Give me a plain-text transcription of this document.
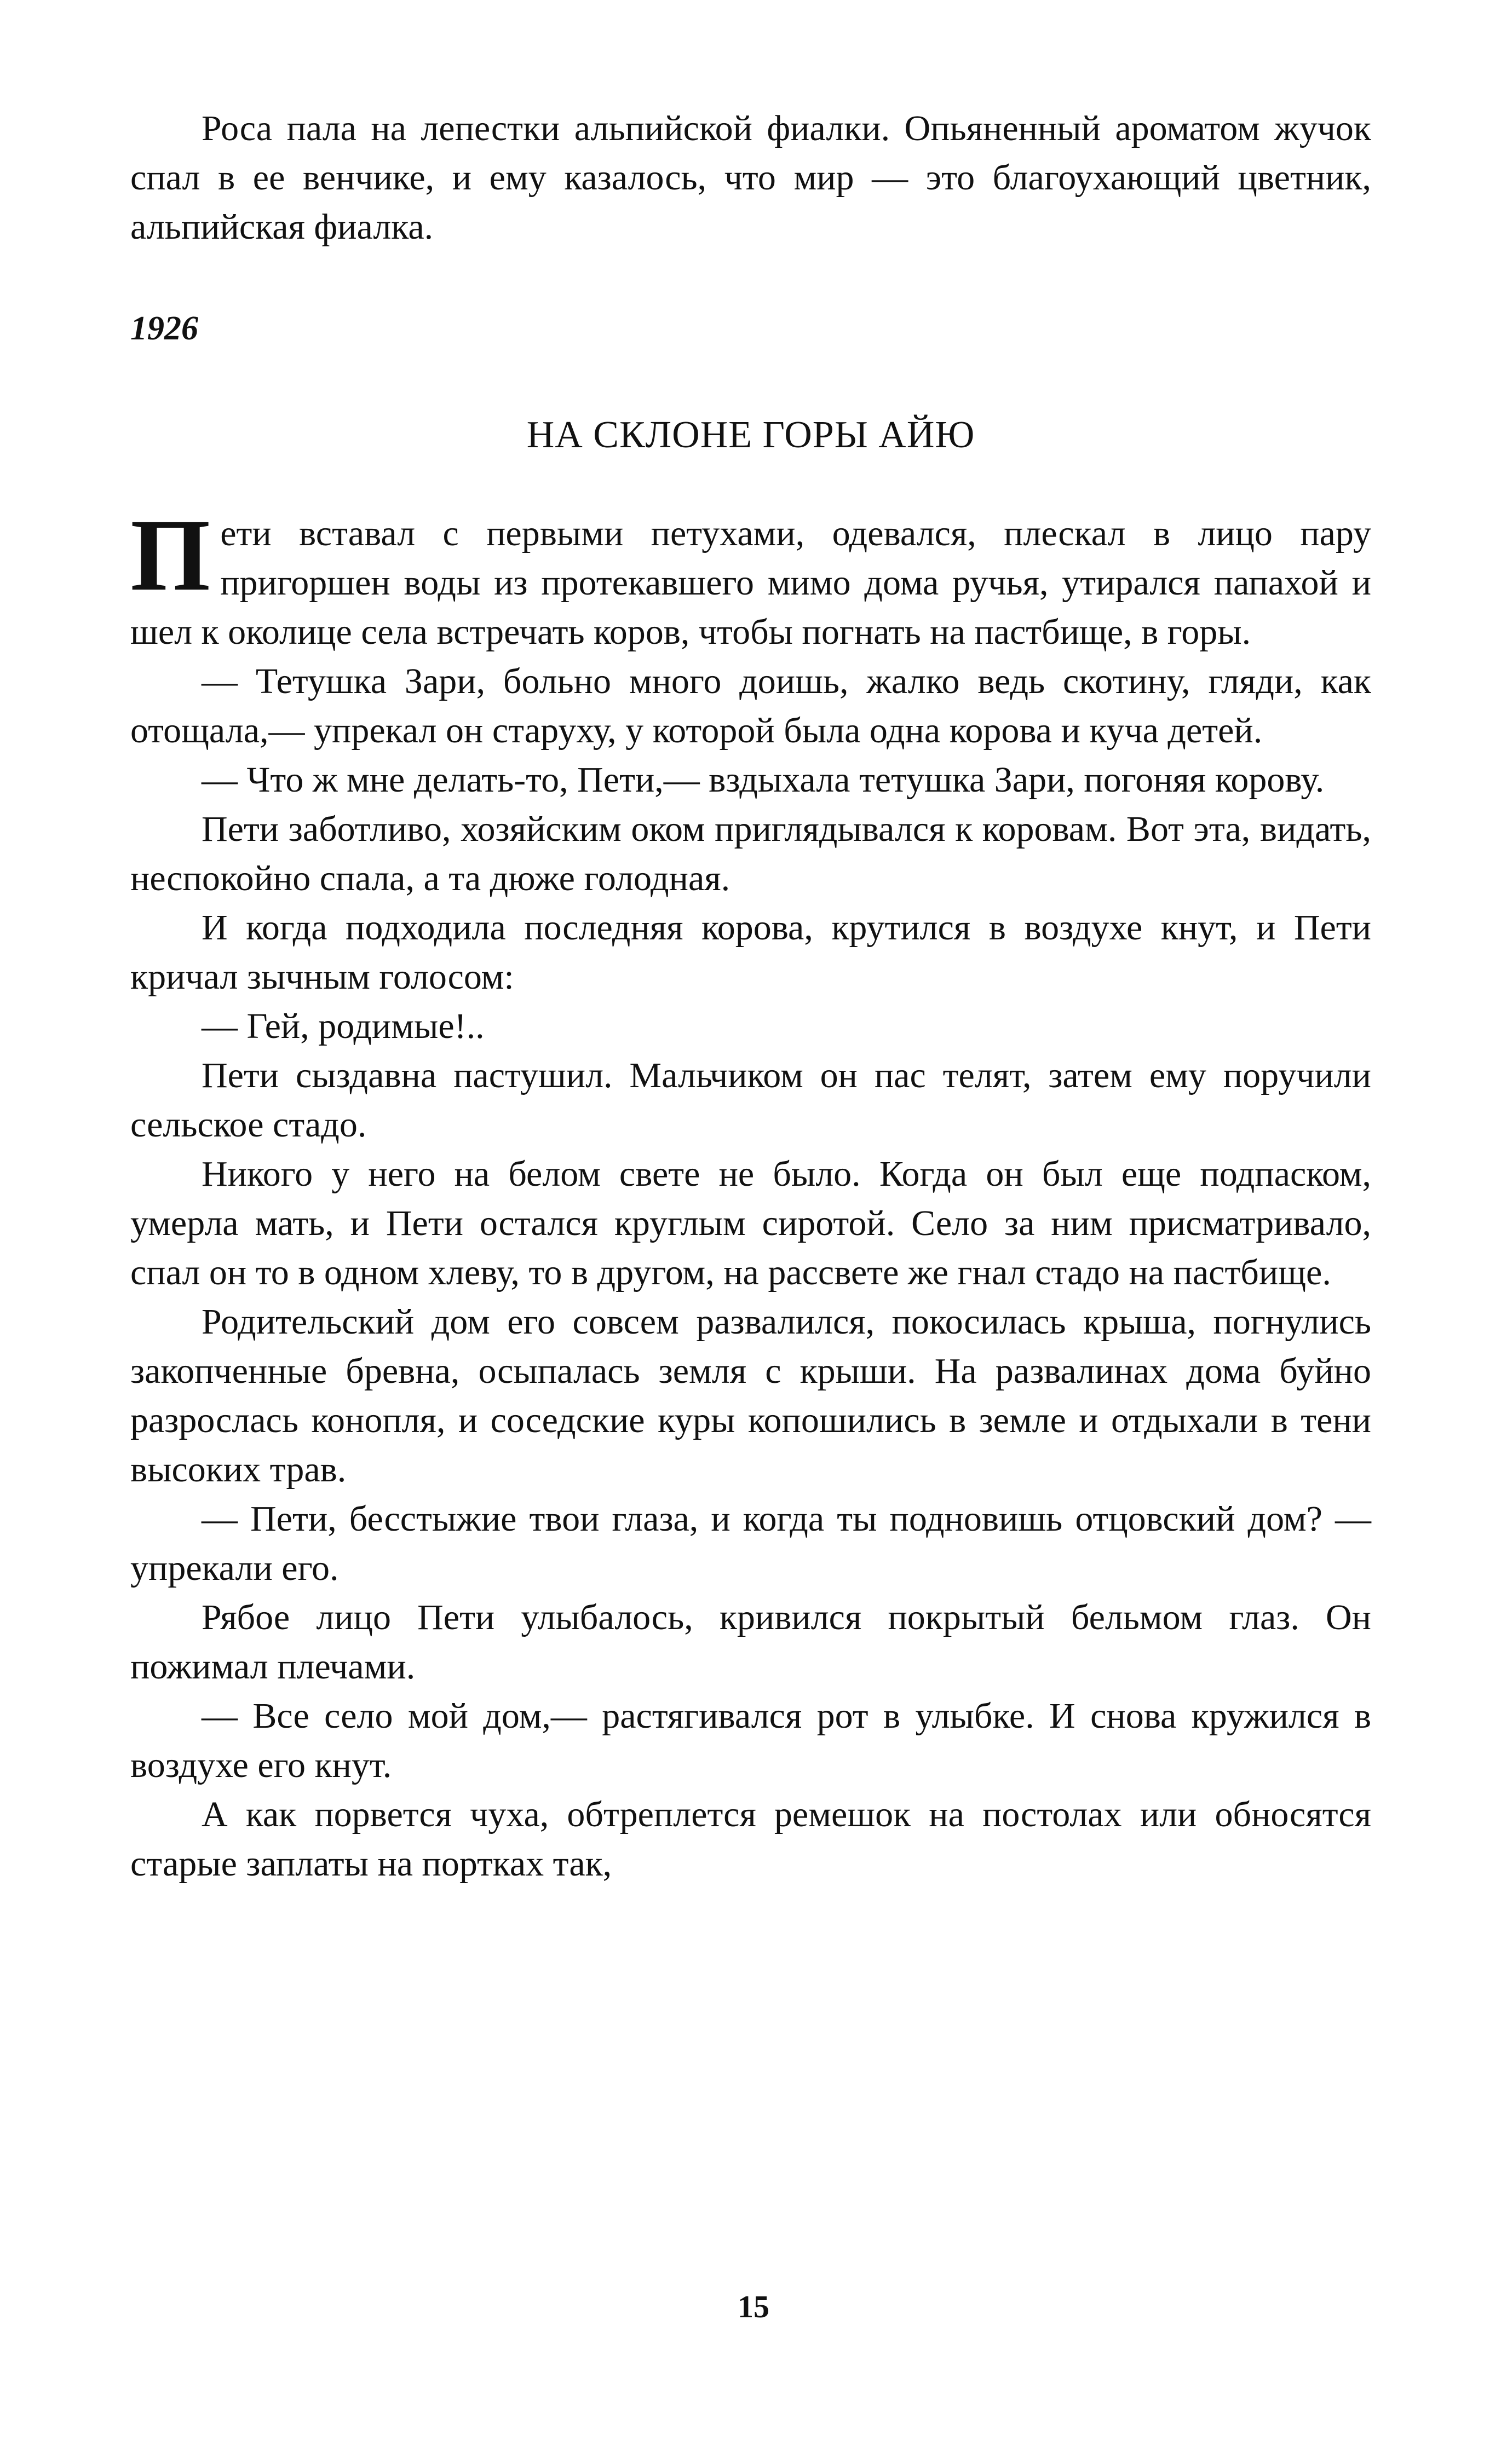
Роса пала на лепестки альпийской фиалки. Опьяненный ароматом жучок спал в ее венчике, и ему казалось, что мир — это благоухающий цветник, альпийская фиалка.

1926
НА СКЛОНЕ ГОРЫ АЙЮ

Пети вставал с первыми петухами, одевался, плескал в лицо пару пригоршен воды из протекавшего мимо дома ручья, утирался папахой и шел к околице села встречать коров, чтобы погнать на пастбище, в горы.

— Тетушка Зари, больно много доишь, жалко ведь скотину, гляди, как отощала,— упрекал он старуху, у которой была одна корова и куча детей.

— Что ж мне делать-то, Пети,— вздыхала тетушка Зари, погоняя корову.

Пети заботливо, хозяйским оком приглядывался к коровам. Вот эта, видать, неспокойно спала, а та дюже голодная.

И когда подходила последняя корова, крутился в воздухе кнут, и Пети кричал зычным голосом:

— Гей, родимые!..

Пети сыздавна пастушил. Мальчиком он пас телят, затем ему поручили сельское стадо.

Никого у него на белом свете не было. Когда он был еще подпаском, умерла мать, и Пети остался круглым сиротой. Село за ним присматривало, спал он то в одном хлеву, то в другом, на рассвете же гнал стадо на пастбище.

Родительский дом его совсем развалился, покосилась крыша, погнулись закопченные бревна, осыпалась земля с крыши. На развалинах дома буйно разрослась конопля, и соседские куры копошились в земле и отдыхали в тени высоких трав.

— Пети, бесстыжие твои глаза, и когда ты подновишь отцовский дом? — упрекали его.

Рябое лицо Пети улыбалось, кривился покрытый бельмом глаз. Он пожимал плечами.

— Все село мой дом,— растягивался рот в улыбке. И снова кружился в воздухе его кнут.

А как порвется чуха, обтреплется ремешок на постолах или обносятся старые заплаты на портках так,

15
